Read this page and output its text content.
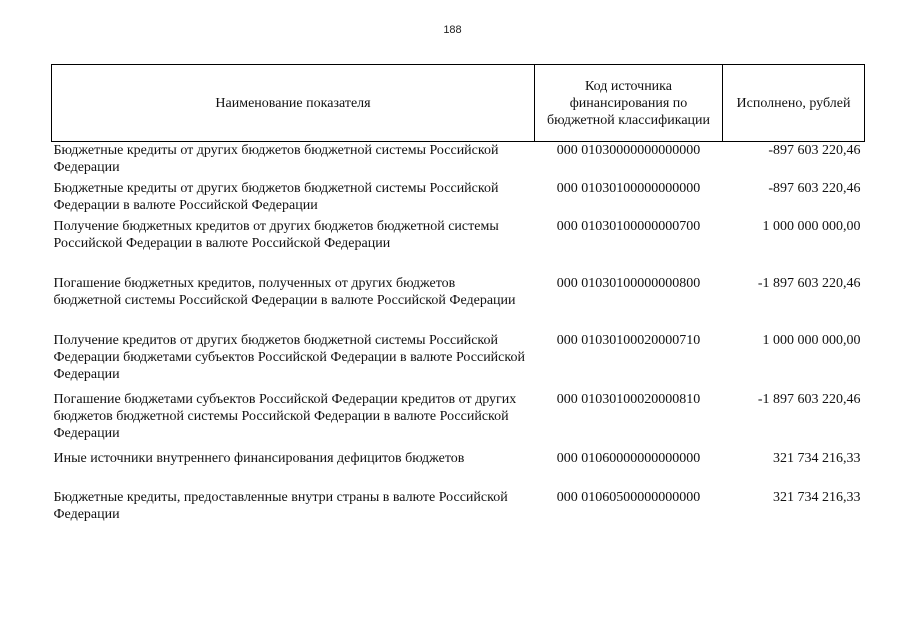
188
Наименование показателя	Код источника финансирования по бюджетной классификации	Исполнено, рублей
Бюджетные кредиты от других бюджетов бюджетной системы Российской Федерации	000 01030000000000000	-897 603 220,46
Бюджетные кредиты от других бюджетов бюджетной системы Российской Федерации в валюте Российской Федерации	000 01030100000000000	-897 603 220,46
Получение бюджетных кредитов от других бюджетов бюджетной системы Российской Федерации в валюте Российской Федерации	000 01030100000000700	1 000 000 000,00
Погашение бюджетных кредитов, полученных от других бюджетов бюджетной системы Российской Федерации в валюте Российской Федерации	000 01030100000000800	-1 897 603 220,46
Получение кредитов от других бюджетов бюджетной системы Российской Федерации бюджетами субъектов Российской Федерации в валюте Российской Федерации	000 01030100020000710	1 000 000 000,00
Погашение бюджетами субъектов Российской Федерации кредитов от других бюджетов бюджетной системы Российской Федерации в валюте Российской Федерации	000 01030100020000810	-1 897 603 220,46
Иные источники внутреннего финансирования дефицитов бюджетов	000 01060000000000000	321 734 216,33
Бюджетные кредиты, предоставленные внутри страны в валюте Российской Федерации	000 01060500000000000	321 734 216,33
